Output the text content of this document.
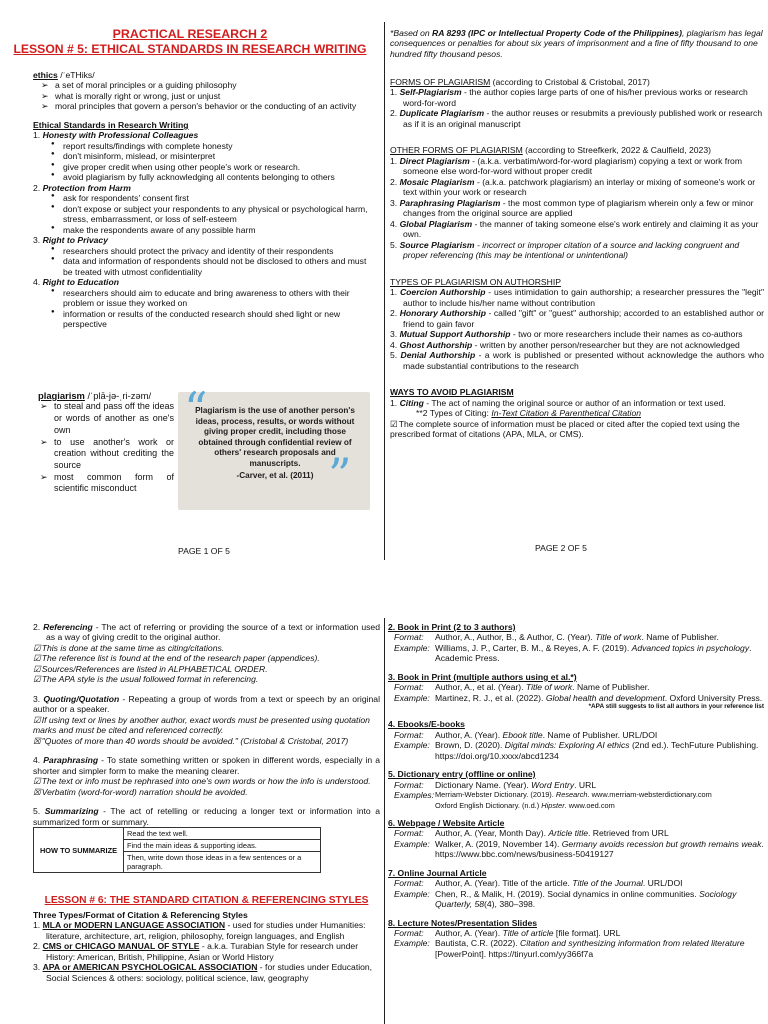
PRACTICAL RESEARCH 2
LESSON # 5: ETHICAL STANDARDS IN RESEARCH WRITING
ethics /ˈeTHiks/
➢ a set of moral principles or a guiding philosophy
➢ what is morally right or wrong, just or unjust
➢ moral principles that govern a person's behavior or the conducting of an activity
Ethical Standards in Research Writing
1. Honesty with Professional Colleagues
● report results/findings with complete honesty
● don't misinform, mislead, or misinterpret
● give proper credit when using other people's work or research.
● avoid plagiarism by fully acknowledging all contents belonging to others
2. Protection from Harm
● ask for respondents' consent first
● don't expose or subject your respondents to any physical or psychological harm, stress, embarrassment, or loss of self-esteem
● make the respondents aware of any possible harm
3. Right to Privacy
● researchers should protect the privacy and identity of their respondents
● data and information of respondents should not be disclosed to others and must be treated with utmost confidentiality
4. Right to Education
● researchers should aim to educate and bring awareness to others with their problem or issue they worked on
● information or results of the conducted research should shed light or new perspective
plagiarism /ˈplā-jə-ˌri-zəm/
➢ to steal and pass off the ideas or words of another as one's own
➢ to use another's work or creation without crediting the source
➢ most common form of scientific misconduct
“
”
Plagiarism is the use of another person's ideas, process, results, or words without giving proper credit, including those obtained through confidential review of others' research proposals and manuscripts.
-Carver, et al. (2011)
PAGE 1 OF 5
*Based on RA 8293 (IPC or Intellectual Property Code of the Philippines), plagiarism has legal consequences or penalties for about six years of imprisonment and a fine of fifty thousand to one hundred fifty thousand pesos.
FORMS OF PLAGIARISM (according to Cristobal & Cristobal, 2017)
1. Self-Plagiarism - the author copies large parts of one of his/her previous works or research word-for-word
2. Duplicate Plagiarism - the author reuses or resubmits a previously published work or research as if it is an original manuscript
OTHER FORMS OF PLAGIARISM (according to Streefkerk, 2022 & Caulfield, 2023)
1. Direct Plagiarism - (a.k.a. verbatim/word-for-word plagiarism) copying a text or work from someone else word-for-word without proper credit
2. Mosaic Plagiarism - (a.k.a. patchwork plagiarism) an interlay or mixing of someone's work or text within your work or research
3. Paraphrasing Plagiarism - the most common type of plagiarism wherein only a few or minor changes from the original source are applied
4. Global Plagiarism - the manner of taking someone else's work entirely and claiming it as your own.
5. Source Plagiarism - incorrect or improper citation of a source and lacking congruent and proper referencing (this may be intentional or unintentional)
TYPES OF PLAGIARISM ON AUTHORSHIP
1. Coercion Authorship - uses intimidation to gain authorship; a researcher pressures the "legit" author to include his/her name without contribution
2. Honorary Authorship - called "gift" or "guest" authorship; accorded to an established author or friend to gain favor
3. Mutual Support Authorship - two or more researchers include their names as co-authors
4. Ghost Authorship - written by another person/researcher but they are not acknowledged
5. Denial Authorship - a work is published or presented without acknowledge the authors who made substantial contributions to the research
WAYS TO AVOID PLAGIARISM
1. Citing - The act of naming the original source or author of an information or text used.
**2 Types of Citing: In-Text Citation & Parenthetical Citation
☑ The complete source of information must be placed or cited after the copied text using the prescribed format of citations (APA, MLA, or CMS).
PAGE 2 OF 5
2. Referencing - The act of referring or providing the source of a text or information used as a way of giving credit to the original author.
☑ This is done at the same time as citing/citations.
☑ The reference list is found at the end of the research paper (appendices).
☑ Sources/References are listed in ALPHABETICAL ORDER.
☑ The APA style is the usual followed format in referencing.
3. Quoting/Quotation - Repeating a group of words from a text or speech by an original author or a speaker.
☑ If using text or lines by another author, exact words must be presented using quotation marks and must be cited and referenced correctly.
☒ "Quotes of more than 40 words should be avoided." (Cristobal & Cristobal, 2017)
4. Paraphrasing - To state something written or spoken in different words, especially in a shorter and simpler form to make the meaning clearer.
☑ The text or info must be rephrased into one's own words or how the info is understood.
☒ Verbatim (word-for-word) narration should be avoided.
5. Summarizing - The act of retelling or reducing a longer text or information into a summarized form or summary.
HOW TO SUMMARIZE	Read the text well.
Find the main ideas & supporting ideas.
Then, write down those ideas in a few sentences or a paragraph.
LESSON # 6: THE STANDARD CITATION & REFERENCING STYLES
Three Types/Format of Citation & Referencing Styles
1. MLA or MODERN LANGUAGE ASSOCIATION - used for studies under Humanities: literature, architecture, art, religion, philosophy, foreign languages, and English
2. CMS or CHICAGO MANUAL OF STYLE - a.k.a. Turabian Style for research under History: American, British, Philippine, Asian or World History
3. APA or AMERICAN PSYCHOLOGICAL ASSOCIATION - for studies under Education, Social Sciences & others: sociology, political science, law, geography
2. Book in Print (2 to 3 authors)
Format:	Author, A., Author, B., & Author, C. (Year). Title of work. Name of Publisher.
Example: Williams, J. P., Carter, B. M., & Reyes, A. F. (2019). Advanced topics in psychology. Academic Press.
3. Book in Print (multiple authors using et al.*)
Format:	Author, A., et al. (Year). Title of work. Name of Publisher.
Example: Martinez, R. J., et al. (2022). Global health and development. Oxford University Press.
*APA still suggests to list all authors in your reference list
4. Ebooks/E-books
Format:	Author, A. (Year). Ebook title. Name of Publisher. URL/DOI
Example: Brown, D. (2020). Digital minds: Exploring AI ethics (2nd ed.). TechFuture Publishing. https://doi.org/10.xxxx/abcd1234
5. Dictionary entry (offline or online)
Format:	Dictionary Name. (Year). Word Entry. URL
Examples: Merriam-Webster Dictionary. (2019). Research. www.merriam-websterdictionary.com
Oxford English Dictionary. (n.d.) Hipster. www.oed.com
6. Webpage / Website Article
Format:	Author, A. (Year, Month Day). Article title. Retrieved from URL
Example: Walker, A. (2019, November 14). Germany avoids recession but growth remains weak. https://www.bbc.com/news/business-50419127
7. Online Journal Article
Format:	Author, A. (Year). Title of the article. Title of the Journal. URL/DOI
Example: Chen, R., & Malik, H. (2019). Social dynamics in online communities. Sociology Quarterly, 58(4), 380–398.
8. Lecture Notes/Presentation Slides
Format:	Author, A. (Year). Title of article [file format]. URL
Example: Bautista, C.R. (2022). Citation and synthesizing information from related literature [PowerPoint]. https://tinyurl.com/yy366f7a
